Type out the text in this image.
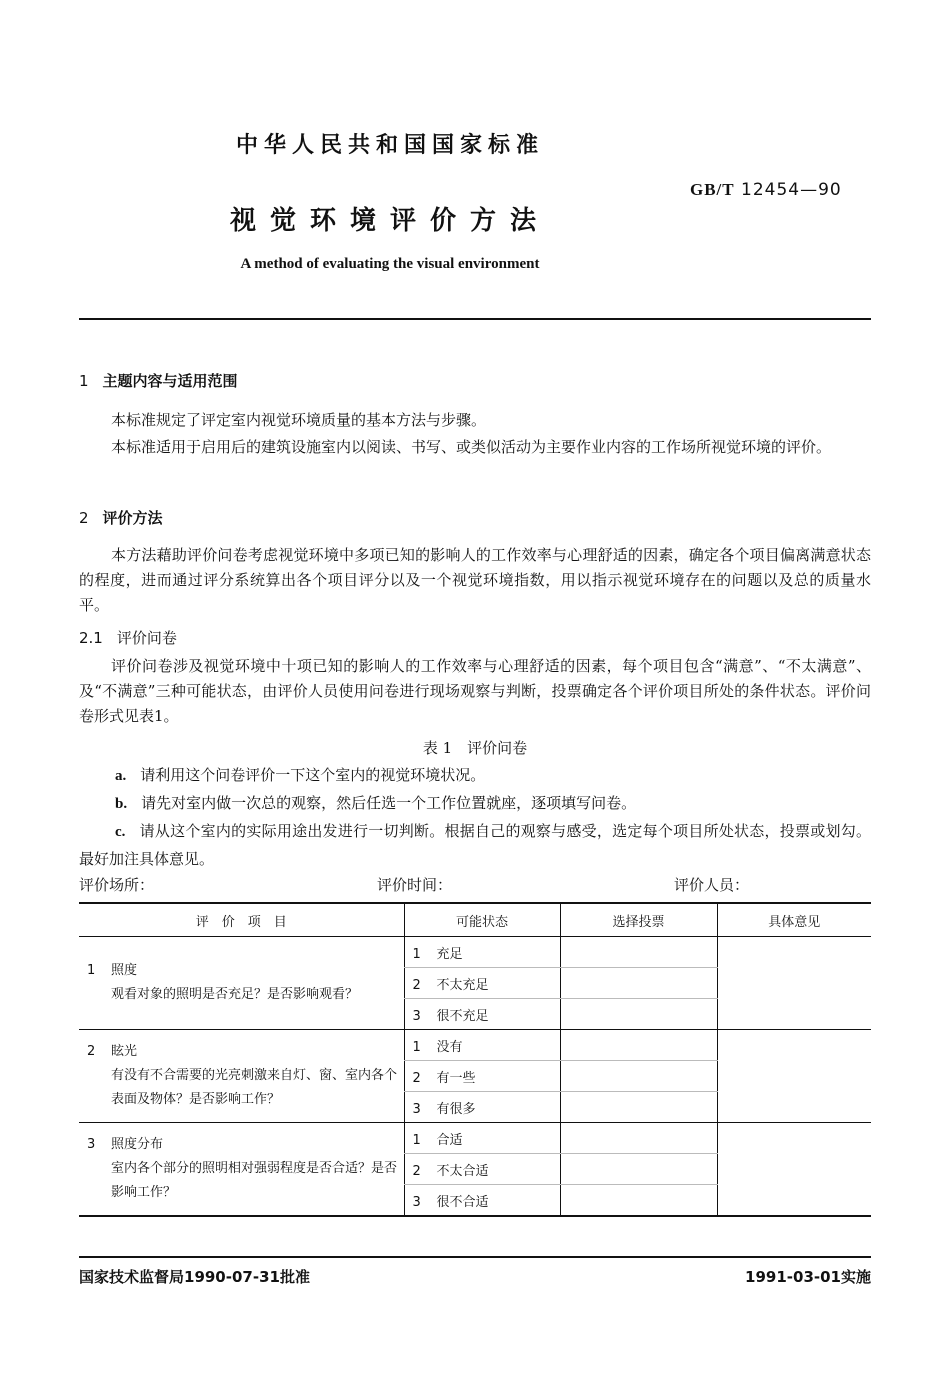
中华人民共和国国家标准
GB/T 12454—90
视觉环境评价方法
A method of evaluating the visual environment
1 主题内容与适用范围
本标准规定了评定室内视觉环境质量的基本方法与步骤。
本标准适用于启用后的建筑设施室内以阅读、书写、或类似活动为主要作业内容的工作场所视觉环境的评价。
2 评价方法
本方法藉助评价问卷考虑视觉环境中多项已知的影响人的工作效率与心理舒适的因素，确定各个项目偏离满意状态的程度，进而通过评分系统算出各个项目评分以及一个视觉环境指数，用以指示视觉环境存在的问题以及总的质量水平。
2.1 评价问卷
评价问卷涉及视觉环境中十项已知的影响人的工作效率与心理舒适的因素，每个项目包含“满意”、“不太满意”、及“不满意”三种可能状态，由评价人员使用问卷进行现场观察与判断，投票确定各个评价项目所处的条件状态。评价问卷形式见表1。
表 1　评价问卷
a. 请利用这个问卷评价一下这个室内的视觉环境状况。
b. 请先对室内做一次总的观察，然后任选一个工作位置就座，逐项填写问卷。
c. 请从这个室内的实际用途出发进行一切判断。根据自己的观察与感受，选定每个项目所处状态，投票或划勾。最好加注具体意见。
评价场所：	评价时间：	评价人员：
评　价　项　目	可能状态	选择投票	具体意见

1 照度
观看对象的照明是否充足？是否影响观看？	1 充足		
	2 不太充足		
	3 很不充足		

2 眩光
有没有不合需要的光亮刺激来自灯、窗、室内各个表面及物体？是否影响工作？	1 没有		
	2 有一些		
	3 有很多		

3 照度分布
室内各个部分的照明相对强弱程度是否合适？是否影响工作？	1 合适		
	2 不太合适		
	3 很不合适		
国家技术监督局1990-07-31批准	1991-03-01实施
